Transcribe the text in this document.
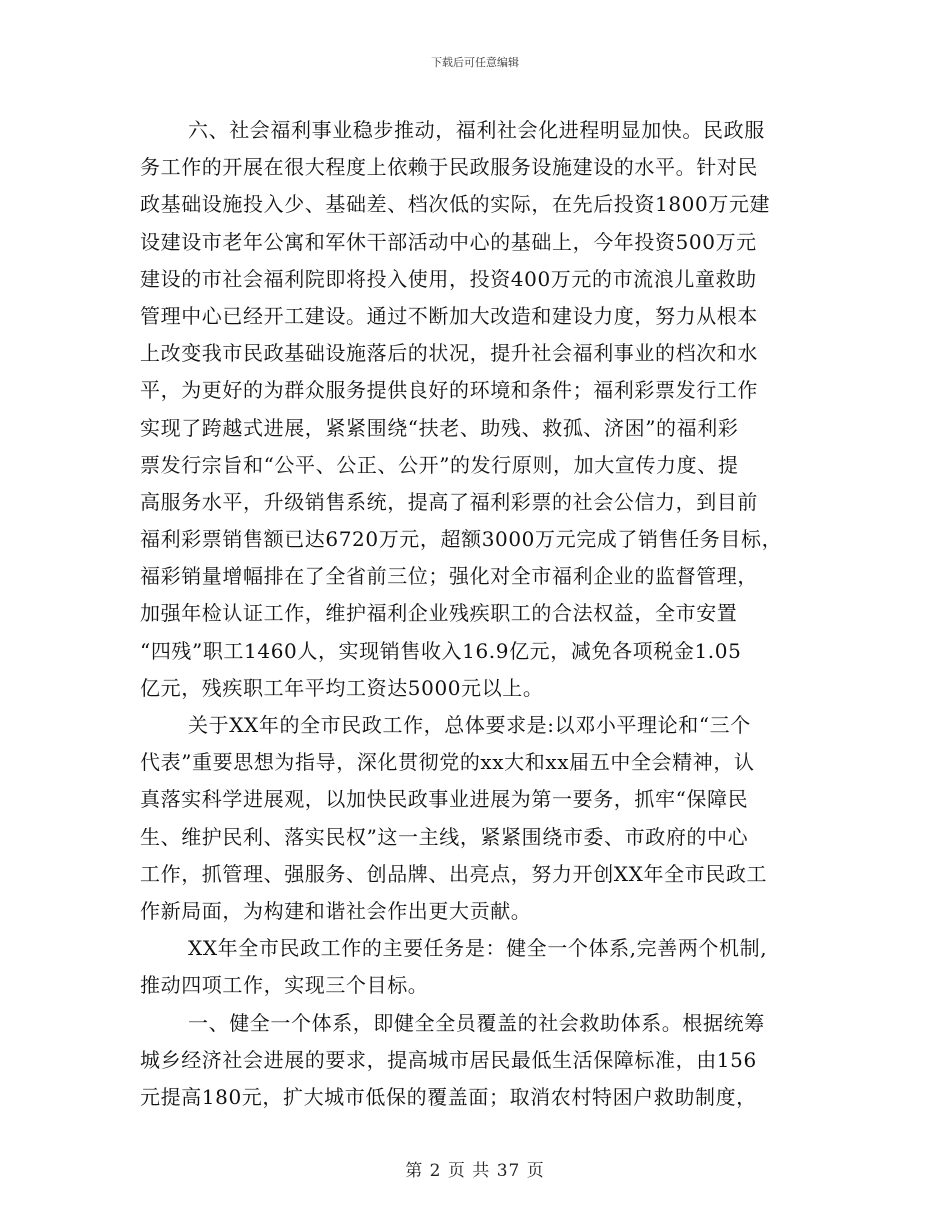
下载后可任意编辑
六、社会福利事业稳步推动，福利社会化进程明显加快。民政服
务工作的开展在很大程度上依赖于民政服务设施建设的水平。针对民
政基础设施投入少、基础差、档次低的实际，在先后投资1800万元建
设建设市老年公寓和军休干部活动中心的基础上，今年投资500万元
建设的市社会福利院即将投入使用，投资400万元的市流浪儿童救助
管理中心已经开工建设。通过不断加大改造和建设力度，努力从根本
上改变我市民政基础设施落后的状况，提升社会福利事业的档次和水
平，为更好的为群众服务提供良好的环境和条件；福利彩票发行工作
实现了跨越式进展，紧紧围绕“扶老、助残、救孤、济困”的福利彩
票发行宗旨和“公平、公正、公开”的发行原则，加大宣传力度、提
高服务水平，升级销售系统，提高了福利彩票的社会公信力，到目前
福利彩票销售额已达6720万元，超额3000万元完成了销售任务目标，
福彩销量增幅排在了全省前三位；强化对全市福利企业的监督管理，
加强年检认证工作，维护福利企业残疾职工的合法权益，全市安置
“四残”职工1460人，实现销售收入16.9亿元，减免各项税金1.05
亿元，残疾职工年平均工资达5000元以上。
关于XX年的全市民政工作，总体要求是:以邓小平理论和“三个
代表”重要思想为指导，深化贯彻党的xx大和xx届五中全会精神，认
真落实科学进展观，以加快民政事业进展为第一要务，抓牢“保障民
生、维护民利、落实民权”这一主线，紧紧围绕市委、市政府的中心
工作，抓管理、强服务、创品牌、出亮点，努力开创XX年全市民政工
作新局面，为构建和谐社会作出更大贡献。
XX年全市民政工作的主要任务是：健全一个体系,完善两个机制,
推动四项工作，实现三个目标。
一、健全一个体系，即健全全员覆盖的社会救助体系。根据统筹
城乡经济社会进展的要求，提高城市居民最低生活保障标准，由156
元提高180元，扩大城市低保的覆盖面；取消农村特困户救助制度，
第 2 页 共 37 页
